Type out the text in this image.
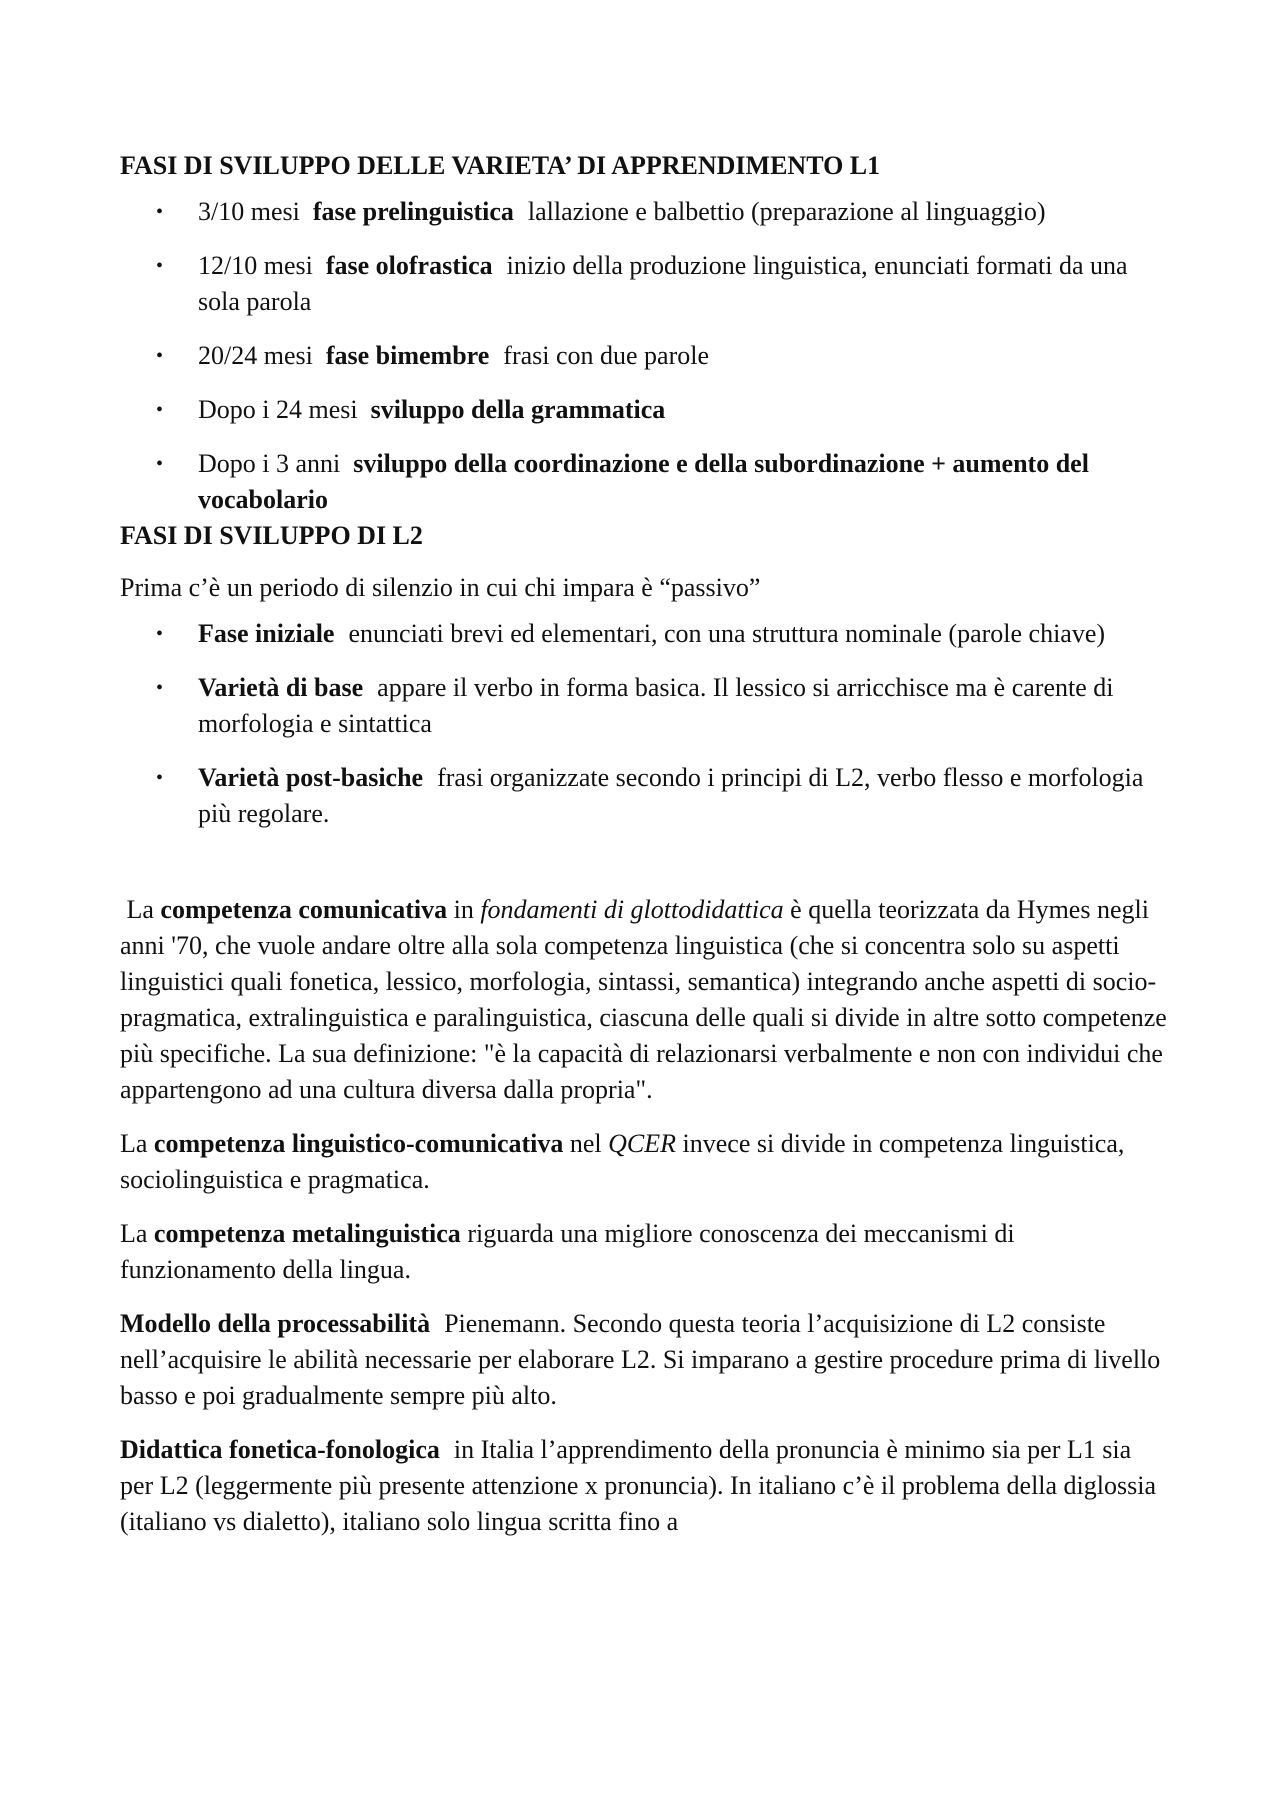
FASI DI SVILUPPO DELLE VARIETA’ DI APPRENDIMENTO L1
• 3/10 mesi fase prelinguistica lallazione e balbettio (preparazione al linguaggio)
• 12/10 mesi fase olofrastica inizio della produzione linguistica, enunciati formati da una sola parola
• 20/24 mesi fase bimembre frasi con due parole
• Dopo i 24 mesi sviluppo della grammatica
• Dopo i 3 anni sviluppo della coordinazione e della subordinazione + aumento del vocabolario
FASI DI SVILUPPO DI L2

Prima c’è un periodo di silenzio in cui chi impara è “passivo”

• Fase iniziale enunciati brevi ed elementari, con una struttura nominale (parole chiave)
• Varietà di base appare il verbo in forma basica. Il lessico si arricchisce ma è carente di morfologia e sintattica
• Varietà post-basiche frasi organizzate secondo i principi di L2, verbo flesso e morfologia più regolare.

La competenza comunicativa in fondamenti di glottodidattica è quella teorizzata da Hymes negli anni '70, che vuole andare oltre alla sola competenza linguistica (che si concentra solo su aspetti linguistici quali fonetica, lessico, morfologia, sintassi, semantica) integrando anche aspetti di socio-pragmatica, extralinguistica e paralinguistica, ciascuna delle quali si divide in altre sotto competenze più specifiche. La sua definizione: "è la capacità di relazionarsi verbalmente e non con individui che appartengono ad una cultura diversa dalla propria".

La competenza linguistico-comunicativa nel QCER invece si divide in competenza linguistica, sociolinguistica e pragmatica.

La competenza metalinguistica riguarda una migliore conoscenza dei meccanismi di funzionamento della lingua.

Modello della processabilità Pienemann. Secondo questa teoria l’acquisizione di L2 consiste nell’acquisire le abilità necessarie per elaborare L2. Si imparano a gestire procedure prima di livello basso e poi gradualmente sempre più alto.

Didattica fonetica-fonologica in Italia l’apprendimento della pronuncia è minimo sia per L1 sia per L2 (leggermente più presente attenzione x pronuncia). In italiano c’è il problema della diglossia (italiano vs dialetto), italiano solo lingua scritta fino a
